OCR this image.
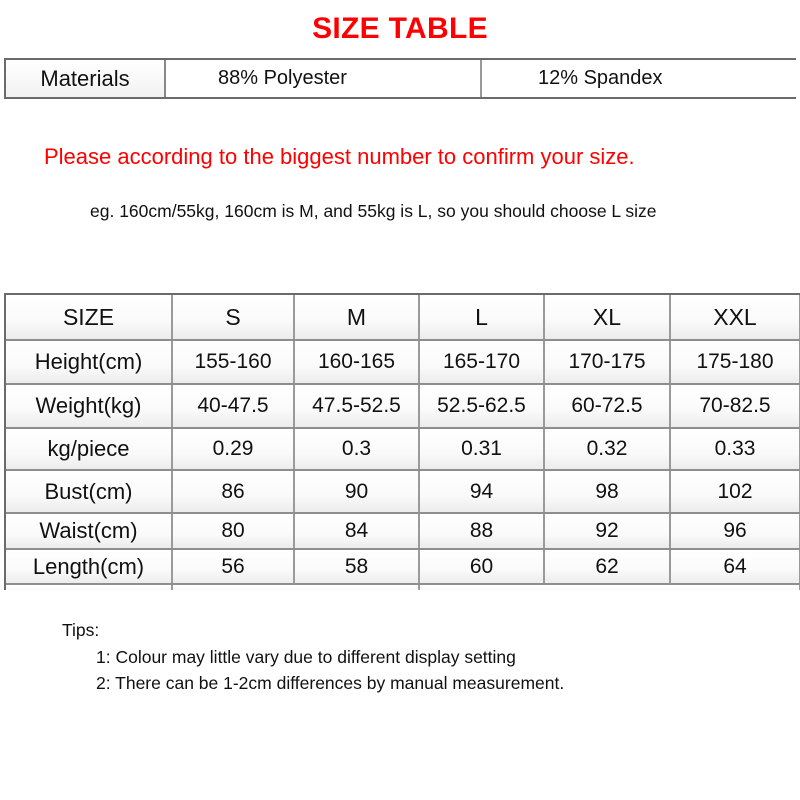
SIZE TABLE
Materials	88% Polyester	12% Spandex
Please according to the biggest number to confirm your size.
eg. 160cm/55kg, 160cm is M, and 55kg is L, so you should choose L size
SIZE	S	M	L	XL	XXL
Height(cm)	155-160	160-165	165-170	170-175	175-180
Weight(kg)	40-47.5	47.5-52.5	52.5-62.5	60-72.5	70-82.5
kg/piece	0.29	0.3	0.31	0.32	0.33
Bust(cm)	86	90	94	98	102
Waist(cm)	80	84	88	92	96
Length(cm)	56	58	60	62	64

Tips:
1: Colour may little vary due to different display setting
2: There can be 1-2cm differences by manual measurement.
